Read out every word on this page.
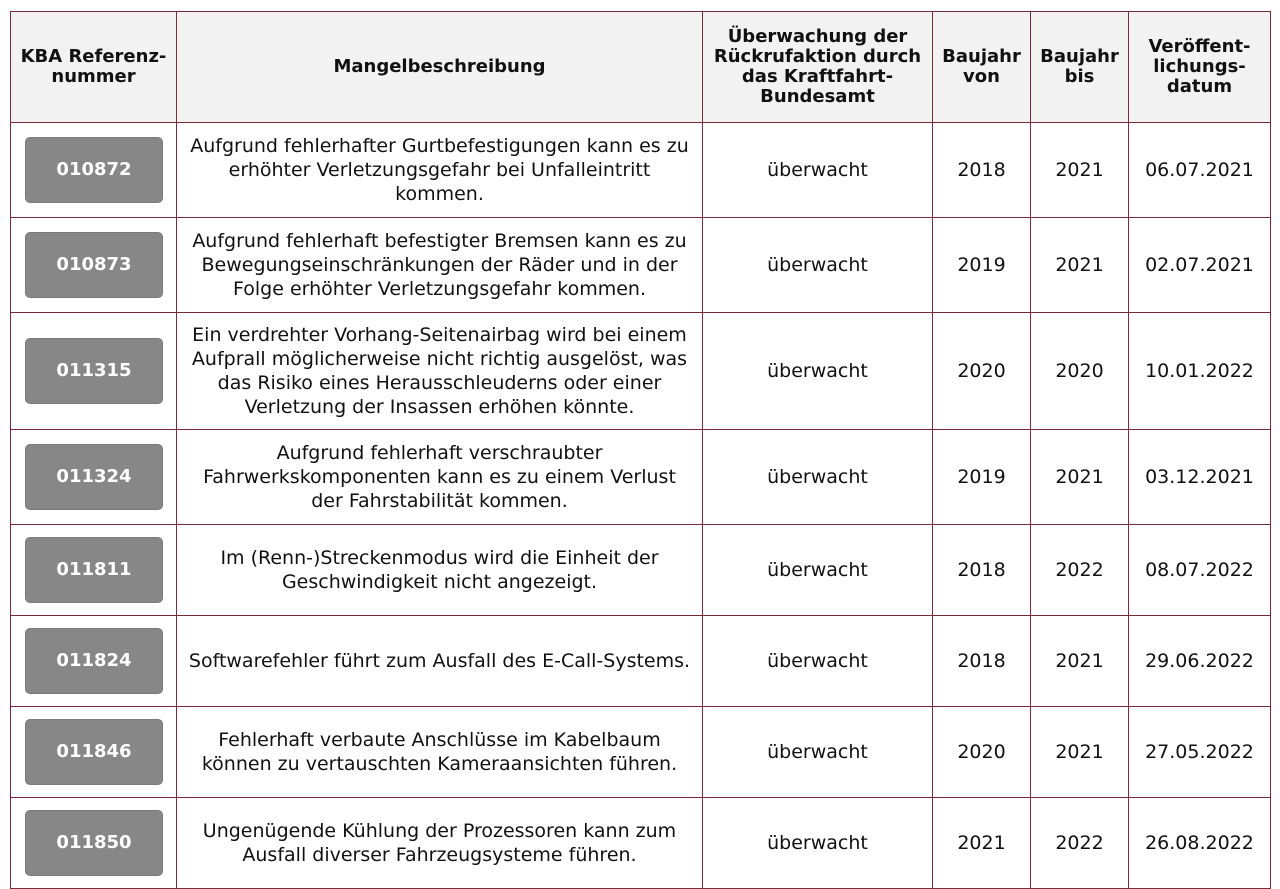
KBA Referenz-nummer	Mangelbeschreibung	Überwachung der Rückrufaktion durch das Kraftfahrt-Bundesamt	Baujahr von	Baujahr bis	Veröffent-lichungs-datum

010872	Aufgrund fehlerhafter Gurtbefestigungen kann es zu erhöhter Verletzungsgefahr bei Unfalleintritt kommen.	überwacht	2018	2021	06.07.2021

010873	Aufgrund fehlerhaft befestigter Bremsen kann es zu Bewegungseinschränkungen der Räder und in der Folge erhöhter Verletzungsgefahr kommen.	überwacht	2019	2021	02.07.2021

011315	Ein verdrehter Vorhang-Seitenairbag wird bei einem Aufprall möglicherweise nicht richtig ausgelöst, was das Risiko eines Herausschleuderns oder einer Verletzung der Insassen erhöhen könnte.	überwacht	2020	2020	10.01.2022

011324	Aufgrund fehlerhaft verschraubter Fahrwerkskomponenten kann es zu einem Verlust der Fahrstabilität kommen.	überwacht	2019	2021	03.12.2021

011811	Im (Renn-)Streckenmodus wird die Einheit der Geschwindigkeit nicht angezeigt.	überwacht	2018	2022	08.07.2022

011824	Softwarefehler führt zum Ausfall des E-Call-Systems.	überwacht	2018	2021	29.06.2022

011846	Fehlerhaft verbaute Anschlüsse im Kabelbaum können zu vertauschten Kameraansichten führen.	überwacht	2020	2021	27.05.2022

011850	Ungenügende Kühlung der Prozessoren kann zum Ausfall diverser Fahrzeugsysteme führen.	überwacht	2021	2022	26.08.2022
